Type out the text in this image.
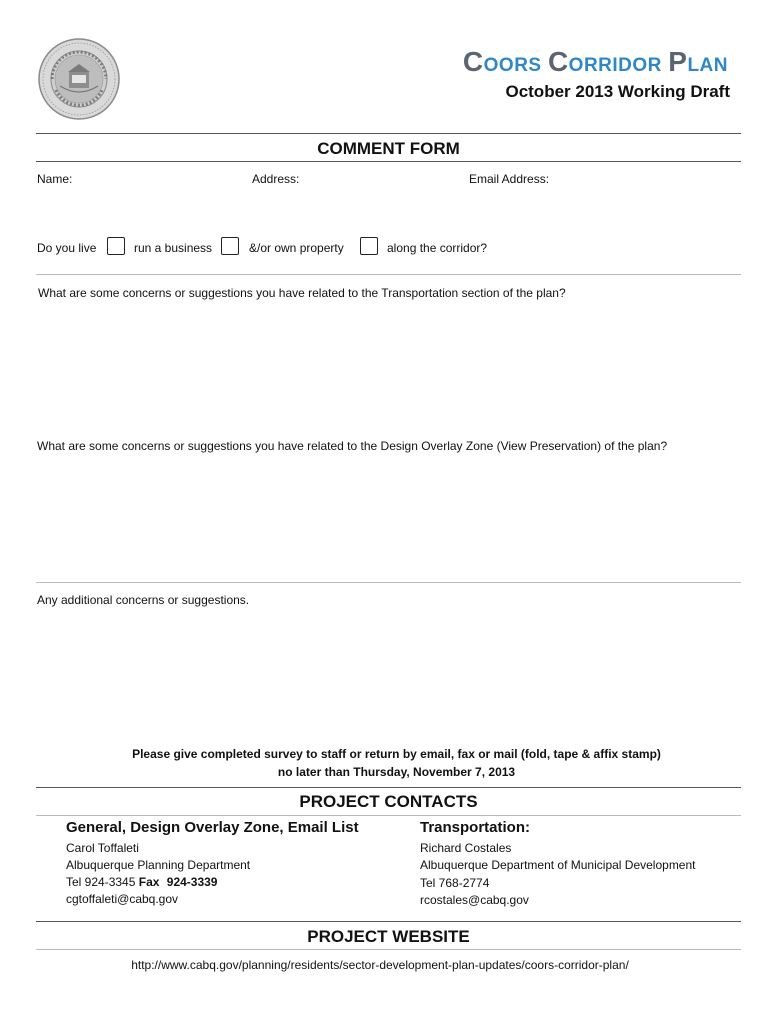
COORS CORRIDOR PLAN
October 2013 Working Draft
COMMENT FORM
Name:	Address:	Email Address:
Do you live	run a business	&/or own property	along the corridor?
What are some concerns or suggestions you have related to the Transportation section of the plan?
What are some concerns or suggestions you have related to the Design Overlay Zone (View Preservation) of the plan?
Any additional concerns or suggestions.
Please give completed survey to staff or return by email, fax or mail (fold, tape & affix stamp)
no later than Thursday, November 7, 2013
PROJECT CONTACTS
General, Design Overlay Zone, Email List
Carol Toffaleti
Albuquerque Planning Department
Tel 924-3345 Fax 924-3339
cgtoffaleti@cabq.gov
Transportation:
Richard Costales
Albuquerque Department of Municipal Development
Tel 768-2774
rcostales@cabq.gov
PROJECT WEBSITE
http://www.cabq.gov/planning/residents/sector-development-plan-updates/coors-corridor-plan/
